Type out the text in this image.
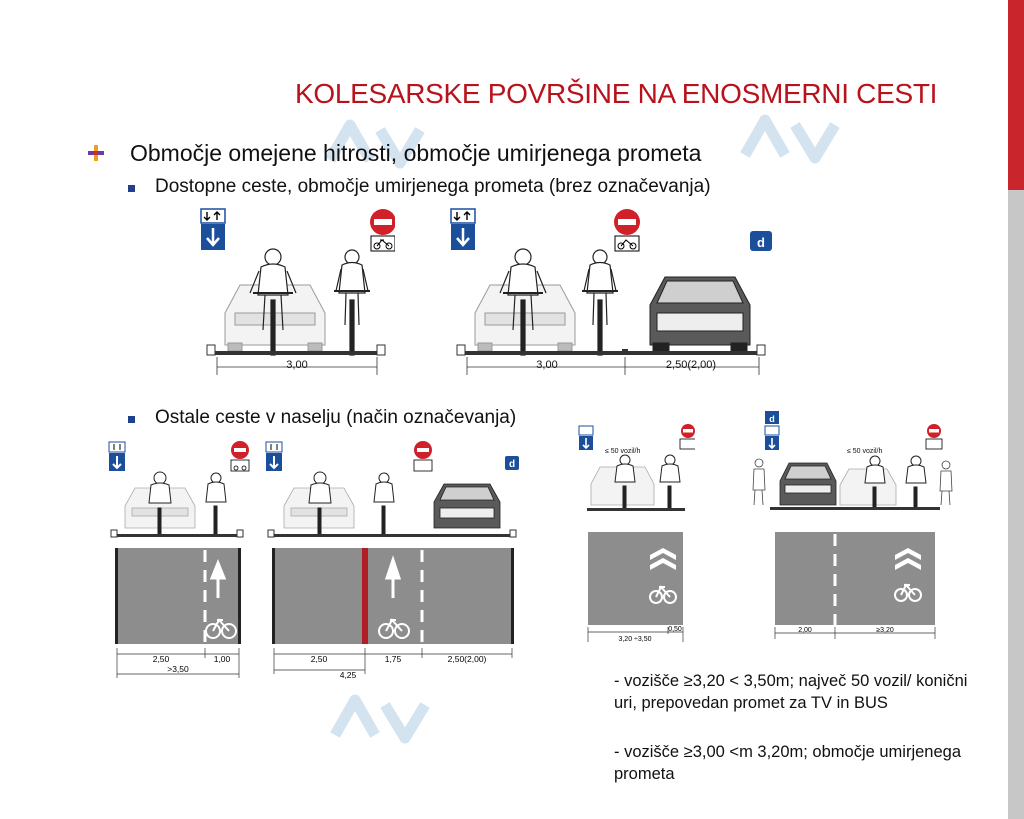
KOLESARSKE POVRŠINE NA ENOSMERNI CESTI
Območje omejene hitrosti, območje umirjenega prometa
Dostopne ceste, območje umirjenega prometa (brez označevanja)
Ostale ceste v naselju (način označevanja)
3,00
d
3,00	2,50(2,00)
2,50	1,00
>3,50
d
2,50	1,75	2,50(2,00)
4,25
≤ 50 vozil/h
0,50
3,20 ÷3,50
d
≤ 50 vozil/h
2,00	≥3,20
- vozišče ≥3,20 < 3,50m; največ 50 vozil/ konični uri, prepovedan promet za TV in BUS
- vozišče ≥3,00 <m 3,20m; območje umirjenega prometa
